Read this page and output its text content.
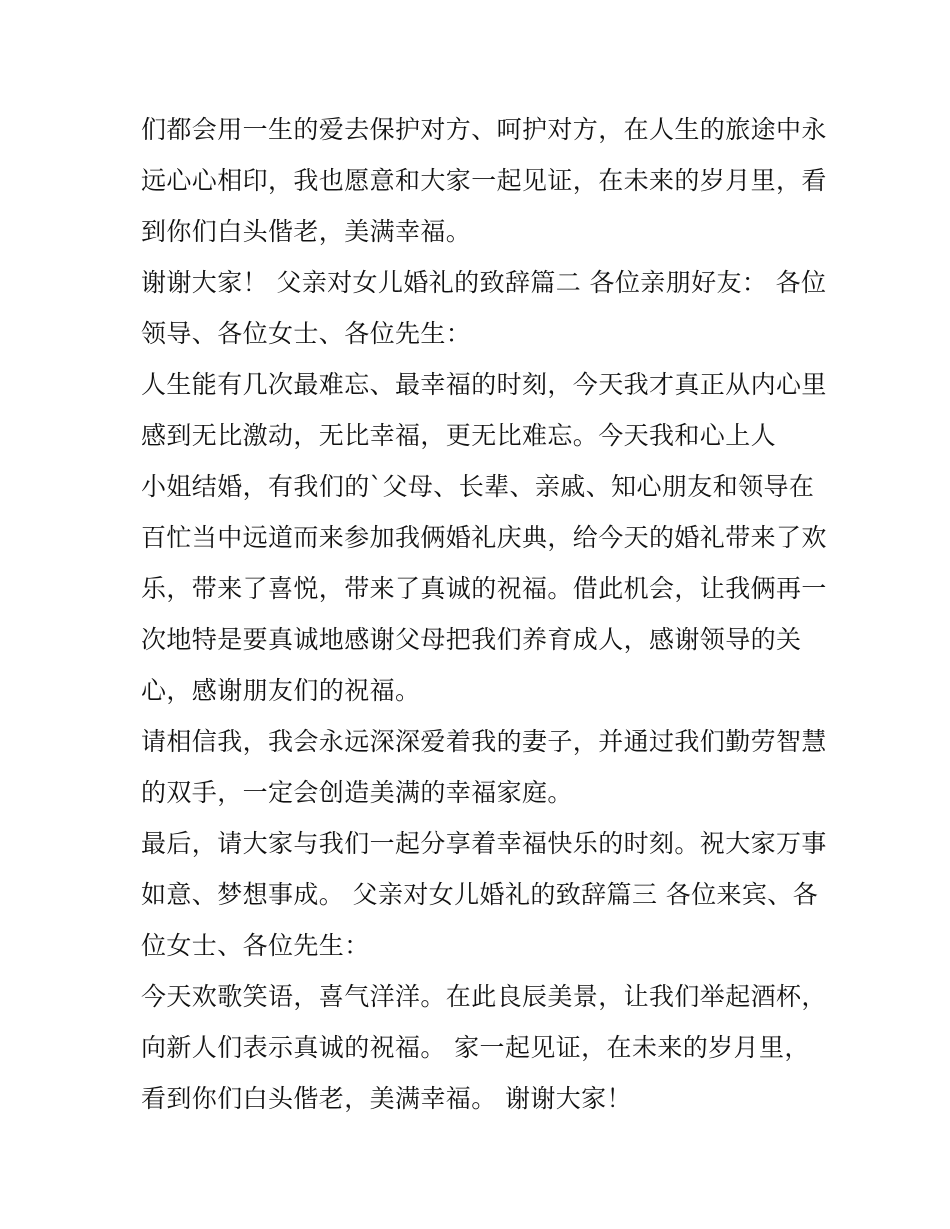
们都会用一生的爱去保护对方、呵护对方，在人生的旅途中永
远心心相印，我也愿意和大家一起见证，在未来的岁月里，看
到你们白头偕老，美满幸福。
谢谢大家！ 父亲对女儿婚礼的致辞篇二 各位亲朋好友： 各位
领导、各位女士、各位先生：
人生能有几次最难忘、最幸福的时刻，今天我才真正从内心里
感到无比激动，无比幸福，更无比难忘。今天我和心上人
小姐结婚，有我们的`父母、长辈、亲戚、知心朋友和领导在
百忙当中远道而来参加我俩婚礼庆典，给今天的婚礼带来了欢
乐，带来了喜悦，带来了真诚的祝福。借此机会，让我俩再一
次地特是要真诚地感谢父母把我们养育成人，感谢领导的关
心，感谢朋友们的祝福。
请相信我，我会永远深深爱着我的妻子，并通过我们勤劳智慧
的双手，一定会创造美满的幸福家庭。
最后，请大家与我们一起分享着幸福快乐的时刻。祝大家万事
如意、梦想事成。 父亲对女儿婚礼的致辞篇三 各位来宾、各
位女士、各位先生：
今天欢歌笑语，喜气洋洋。在此良辰美景，让我们举起酒杯，
向新人们表示真诚的祝福。 家一起见证，在未来的岁月里，
看到你们白头偕老，美满幸福。 谢谢大家！
